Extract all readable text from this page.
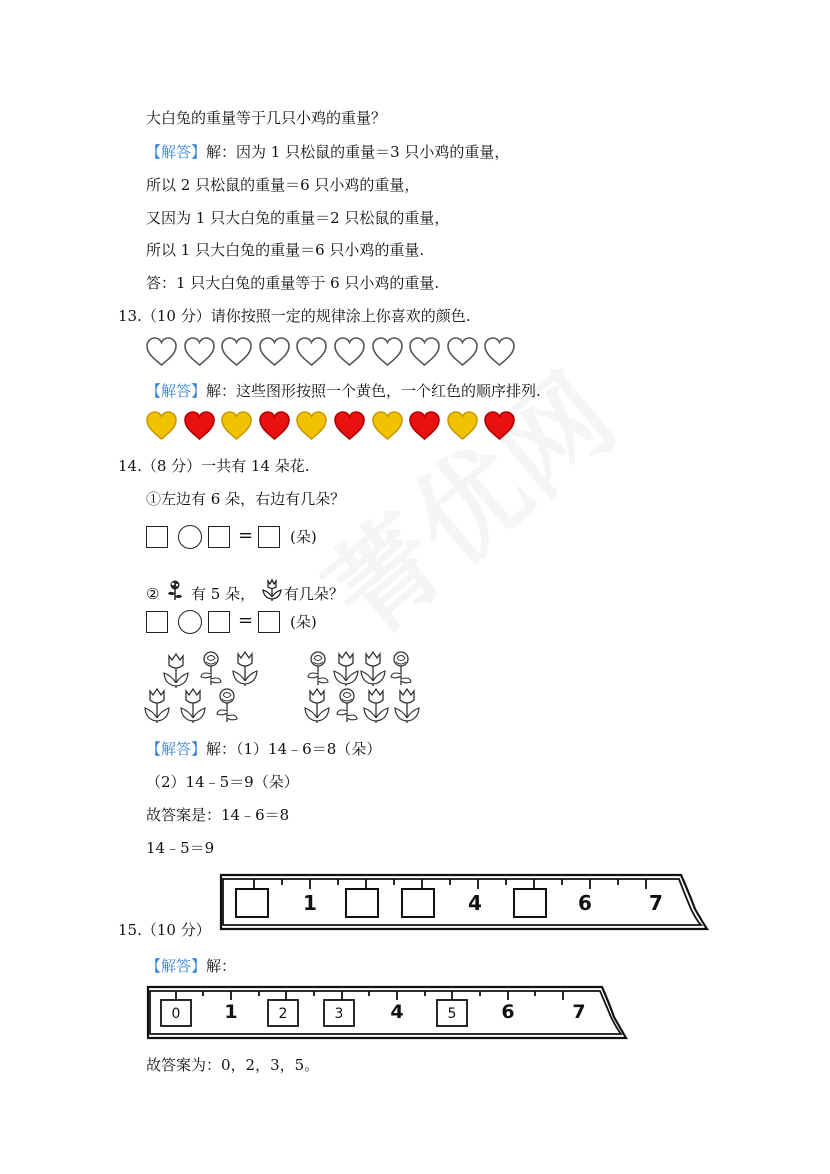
大白兔的重量等于几只小鸡的重量？
【解答】解：因为 1 只松鼠的重量＝3 只小鸡的重量，
所以 2 只松鼠的重量＝6 只小鸡的重量，
又因为 1 只大白兔的重量＝2 只松鼠的重量，
所以 1 只大白兔的重量＝6 只小鸡的重量.
答：1 只大白兔的重量等于 6 只小鸡的重量.
13.（10 分）请你按照一定的规律涂上你喜欢的颜色.
【解答】解：这些图形按照一个黄色，一个红色的顺序排列.
14.（8 分）一共有 14 朵花.
①左边有 6 朵，右边有几朵？
= (朵)
② 有 5 朵， 有几朵？
= (朵)
【解答】解：（1）14﹣6＝8（朵）
（2）14﹣5＝9（朵）
故答案是：14﹣6＝8
14﹣5＝9
1	4	6	7
15.（10 分）
【解答】解：
0	2	3	5
1	4	6	7
故答案为：0，2，3，5。
